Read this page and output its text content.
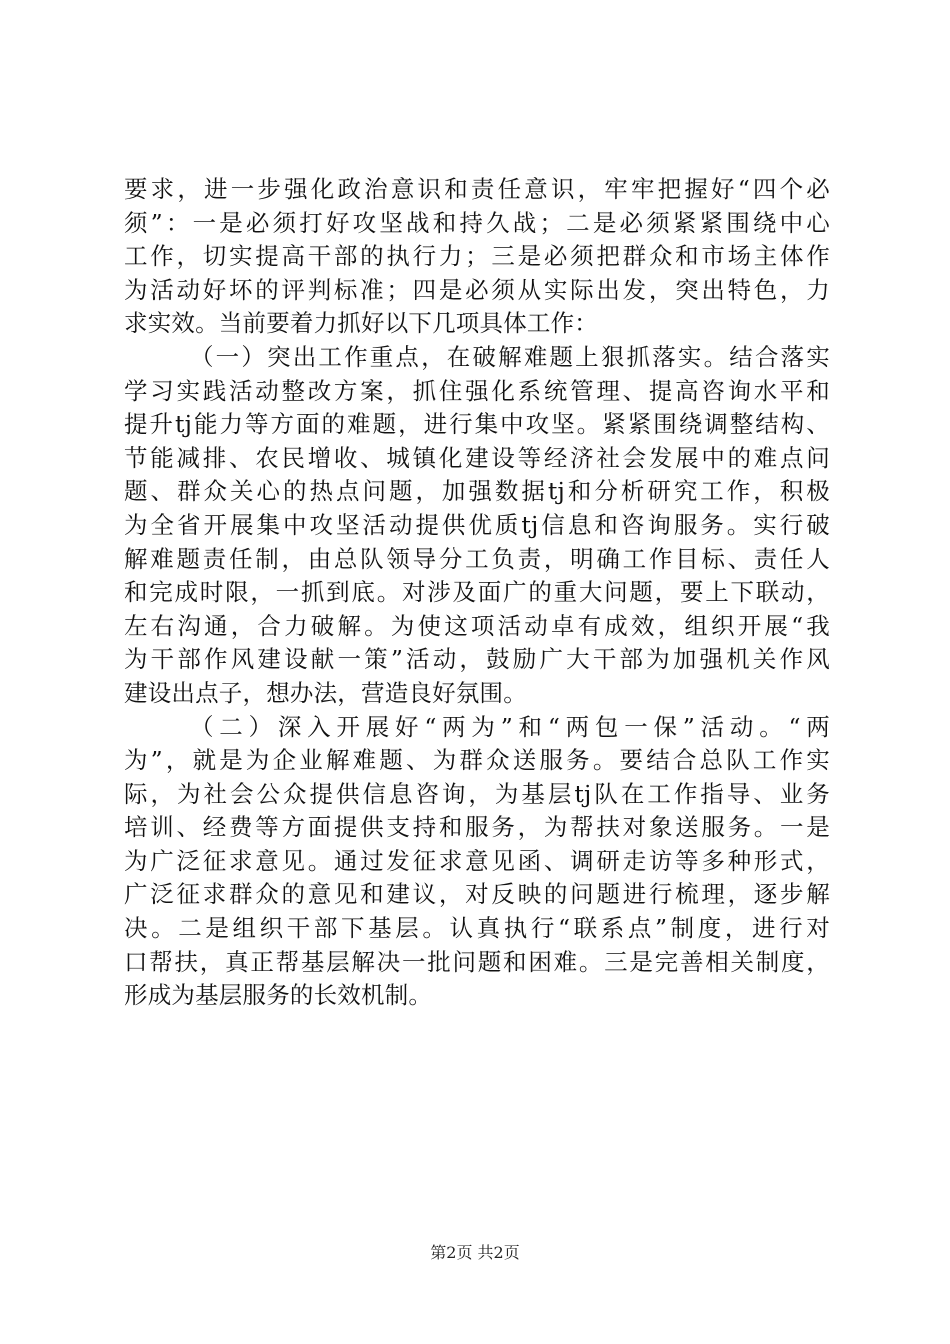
要求，进一步强化政治意识和责任意识，牢牢把握好“四个必
须”：一是必须打好攻坚战和持久战；二是必须紧紧围绕中心
工作，切实提高干部的执行力；三是必须把群众和市场主体作
为活动好坏的评判标准；四是必须从实际出发，突出特色，力
求实效。当前要着力抓好以下几项具体工作：
（一）突出工作重点，在破解难题上狠抓落实。结合落实
学习实践活动整改方案，抓住强化系统管理、提高咨询水平和
提升tj能力等方面的难题，进行集中攻坚。紧紧围绕调整结构、
节能减排、农民增收、城镇化建设等经济社会发展中的难点问
题、群众关心的热点问题，加强数据tj和分析研究工作，积极
为全省开展集中攻坚活动提供优质tj信息和咨询服务。实行破
解难题责任制，由总队领导分工负责，明确工作目标、责任人
和完成时限，一抓到底。对涉及面广的重大问题，要上下联动，
左右沟通，合力破解。为使这项活动卓有成效，组织开展“我
为干部作风建设献一策”活动，鼓励广大干部为加强机关作风
建设出点子，想办法，营造良好氛围。
（二）深入开展好“两为”和“两包一保”活动。“两
为”，就是为企业解难题、为群众送服务。要结合总队工作实
际，为社会公众提供信息咨询，为基层tj队在工作指导、业务
培训、经费等方面提供支持和服务，为帮扶对象送服务。一是
为广泛征求意见。通过发征求意见函、调研走访等多种形式，
广泛征求群众的意见和建议，对反映的问题进行梳理，逐步解
决。二是组织干部下基层。认真执行“联系点”制度，进行对
口帮扶，真正帮基层解决一批问题和困难。三是完善相关制度，
形成为基层服务的长效机制。
第2页 共2页
